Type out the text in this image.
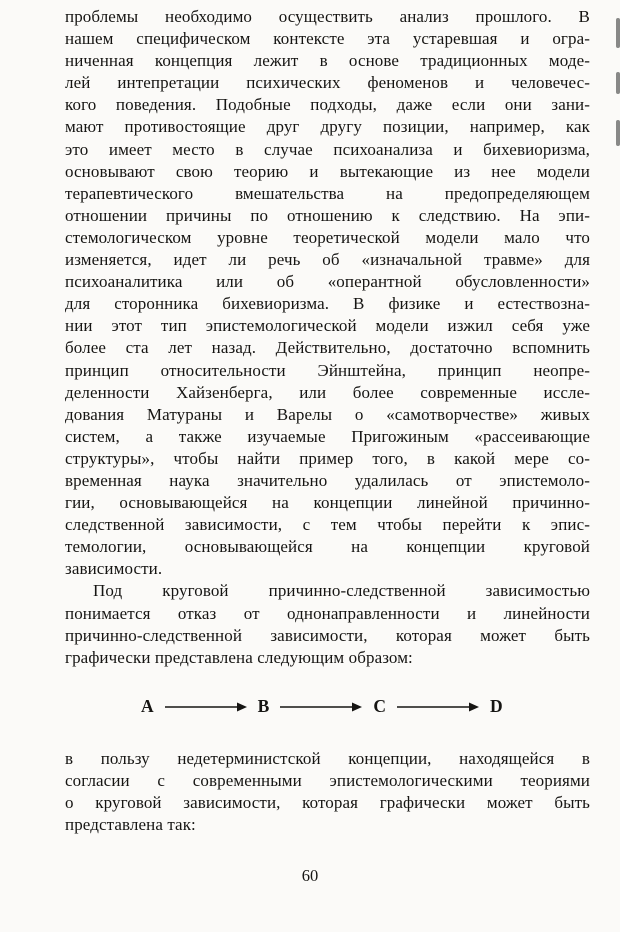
проблемы необходимо осуществить анализ прошлого. В
нашем специфическом контексте эта устаревшая и огра-
ниченная концепция лежит в основе традиционных моде-
лей интепретации психических феноменов и человечес-
кого поведения. Подобные подходы, даже если они зани-
мают противостоящие друг другу позиции, например, как
это имеет место в случае психоанализа и бихевиоризма,
основывают свою теорию и вытекающие из нее модели
терапевтического вмешательства на предопределяющем
отношении причины по отношению к следствию. На эпи-
стемологическом уровне теоретической модели мало что
изменяется, идет ли речь об «изначальной травме» для
психоаналитика или об «оперантной обусловленности»
для сторонника бихевиоризма. В физике и естествозна-
нии этот тип эпистемологической модели изжил себя уже
более ста лет назад. Действительно, достаточно вспомнить
принцип относительности Эйнштейна, принцип неопре-
деленности Хайзенберга, или более современные иссле-
дования Матураны и Варелы о «самотворчестве» живых
систем, а также изучаемые Пригожиным «рассеивающие
структуры», чтобы найти пример того, в какой мере со-
временная наука значительно удалилась от эпистемоло-
гии, основывающейся на концепции линейной причинно-
следственной зависимости, с тем чтобы перейти к эпис-
темологии, основывающейся на концепции круговой
зависимости.
Под круговой причинно-следственной зависимостью
понимается отказ от однонаправленности и линейности
причинно-следственной зависимости, которая может быть
графически представлена следующим образом:
A	B	C	D
в пользу недетерминистской концепции, находящейся в
согласии с современными эпистемологическими теориями
о круговой зависимости, которая графически может быть
представлена так:
60
